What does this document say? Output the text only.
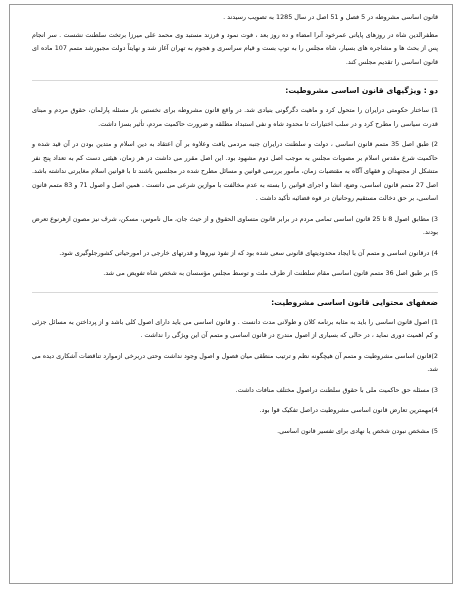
قانون اساسی مشروطه در 5 فصل و 51 اصل در سال 1285 به تصویب رسیدند .

مظفرالدین شاه در روزهای پایانی عمرخود آنرا امضاء و ده روز بعد ، فوت نمود و فرزند مستبد وی محمد علی میرزا برتخت سلطنت نشست . سر انجام پس از بحث ها و مشاجره های بسیار، شاه مجلس را به توپ بست و قیام سراسری و هجوم به تهران آغاز شد و نهایتاً دولت مجبورشد متمم 107 ماده ای قانون اساسی را تقدیم مجلس کند.

دو : ویژگیهای قانون اساسی مشروطیت:

1) ساختار حکومتی درایران را متحول کرد و ماهیت دگرگونی بنیادی شد. در واقع قانون مشروطه برای نخستین بار مسئله پارلمان، حقوق مردم و مبنای قدرت سیاسی را مطرح کرد و در سلب اختیارات تا محدود شاه و نفی استبداد مطلقه و ضرورت حاکمیت مردم، تأثیر بسزا داشت.

2) طبق اصل 35 متمم قانون اساسی ، دولت و سلطنت درایران جنبه مردمی یافت وعلاوه بر آن اعتقاد به دین اسلام و متدین بودن در آن قید شده و حاکمیت شرع مقدس اسلام بر مصوبات مجلس به موجب اصل دوم مشهود بود. این اصل مقرر می داشت در هر زمان، هیئتی دست کم به تعداد پنج نفر متشکل از مجتهدان و فقهای آگاه به مقتضیات زمان، مأمور بررسی قوانین و مسائل مطرح شده در مجلسین باشند تا با قوانین اسلام مغایرتی نداشته باشد. اصل 27 متمم قانون اساسی، وضع، انشا و اجرای قوانین را بسته به عدم مخالفت با موازین شرعی می دانست . همین اصل و اصول 71 و 83 متمم قانون اساسی، بر حق دخالت مستقیم روحانیان در قوه قضائیه تأکید داشت .

3) مطابق اصول 8 تا 25 قانون اساسی تمامی مردم در برابر قانون متساوی الحقوق و از حیث جان، مال ناموس، مسکن، شرف نیز مصون ازهرنوع تعرض بودند.

4) درقانون اساسی و متمم آن با ایجاد محدودیتهای قانونی سعی شده بود که از نفوذ نیروها و قدرتهای خارجی در امورحیاتی کشورجلوگیری شود.

5) بر طبق اصل 36 متمم قانون اساسی مقام سلطنت از طرف ملت و توسط مجلس مؤسسان به شخص شاه تفویض می شد.

ضعفهای محتوایی قانون اساسی مشروطیت:

1) اصول قانون اساسی را باید به مثابه برنامه کلان و طولانی مدت دانست . و قانون اساسی می باید دارای اصول کلی باشد و از پرداختن به مسائل جزئی و کم اهمیت دوری نماید ، در حالی که بسیاری از اصول مندرج در قانون اساسی و متمم آن این ویژگی را نداشت .

2)قانون اساسی مشروطیت و متمم آن هیچگونه نظم و ترتیب منطقی میان فصول و اصول وجود نداشت وحتی دربرخی ازموارد تناقضات آشکاری دیده می شد.

3) مسئله حق حاکمیت ملی با حقوق سلطنت دراصول مختلف منافات داشت.

4)مهمترین تعارض قانون اساسی مشروطیت دراصل تفکیک قوا بود.

5) مشخص نبودن شخص یا نهادی برای تفسیر قانون اساسی.
